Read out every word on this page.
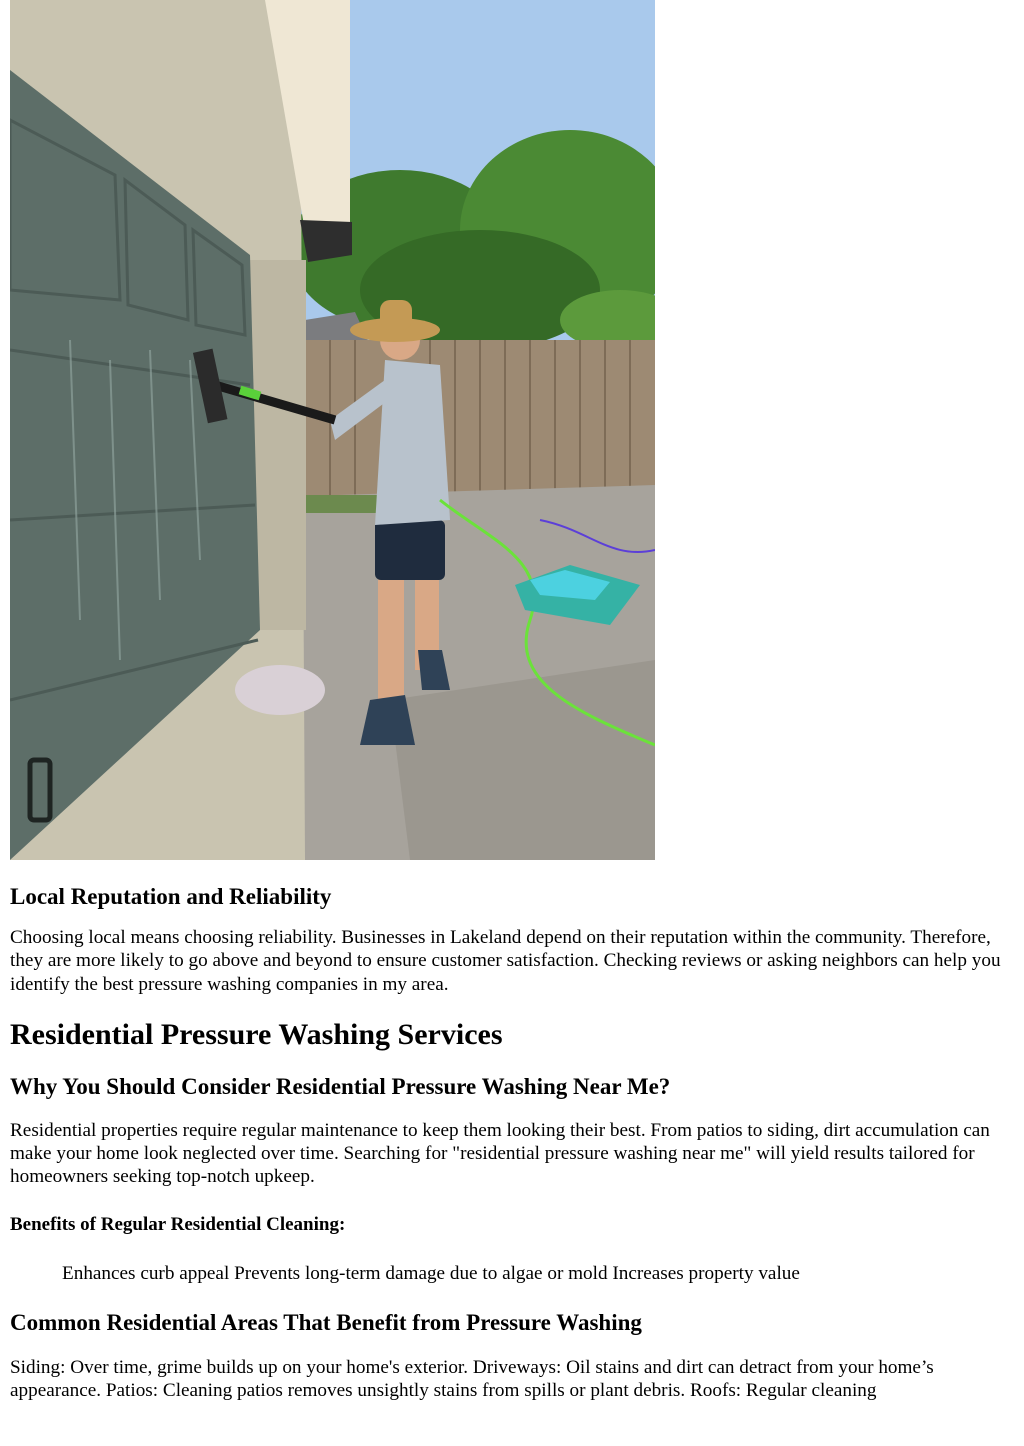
Local Reputation and Reliability

Choosing local means choosing reliability. Businesses in Lakeland depend on their reputation within the community. Therefore, they are more likely to go above and beyond to ensure customer satisfaction. Checking reviews or asking neighbors can help you identify the best pressure washing companies in my area.

Residential Pressure Washing Services
Why You Should Consider Residential Pressure Washing Near Me?

Residential properties require regular maintenance to keep them looking their best. From patios to siding, dirt accumulation can make your home look neglected over time. Searching for "residential pressure washing near me" will yield results tailored for homeowners seeking top-notch upkeep.

Benefits of Regular Residential Cleaning:

Enhances curb appeal Prevents long-term damage due to algae or mold Increases property value

Common Residential Areas That Benefit from Pressure Washing

Siding: Over time, grime builds up on your home's exterior. Driveways: Oil stains and dirt can detract from your home’s appearance. Patios: Cleaning patios removes unsightly stains from spills or plant debris. Roofs: Regular cleaning
